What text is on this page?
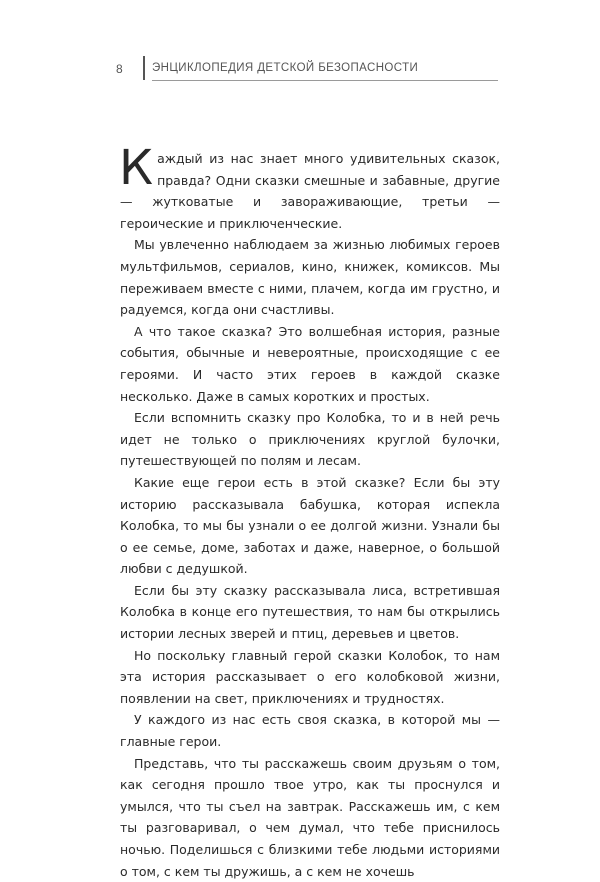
8	ЭНЦИКЛОПЕДИЯ ДЕТСКОЙ БЕЗОПАСНОСТИ

Каждый из нас знает много удивительных сказок, правда? Одни сказки смешные и забавные, другие — жутковатые и завораживающие, третьи — героические и приключенческие.

Мы увлеченно наблюдаем за жизнью любимых героев мультфильмов, сериалов, кино, книжек, комиксов. Мы переживаем вместе с ними, плачем, когда им грустно, и радуемся, когда они счастливы.

А что такое сказка? Это волшебная история, разные события, обычные и невероятные, происходящие с ее героями. И часто этих героев в каждой сказке несколько. Даже в самых коротких и простых.

Если вспомнить сказку про Колобка, то и в ней речь идет не только о приключениях круглой булочки, путешествующей по полям и лесам.

Какие еще герои есть в этой сказке? Если бы эту историю рассказывала бабушка, которая испекла Колобка, то мы бы узнали о ее долгой жизни. Узнали бы о ее семье, доме, заботах и даже, наверное, о большой любви с дедушкой.

Если бы эту сказку рассказывала лиса, встретившая Колобка в конце его путешествия, то нам бы открылись истории лесных зверей и птиц, деревьев и цветов.

Но поскольку главный герой сказки Колобок, то нам эта история рассказывает о его колобковой жизни, появлении на свет, приключениях и трудностях.

У каждого из нас есть своя сказка, в которой мы — главные герои.

Представь, что ты расскажешь своим друзьям о том, как сегодня прошло твое утро, как ты проснулся и умылся, что ты съел на завтрак. Расскажешь им, с кем ты разговаривал, о чем думал, что тебе приснилось ночью. Поделишься с близкими тебе людьми историями о том, с кем ты дружишь, а с кем не хочешь
